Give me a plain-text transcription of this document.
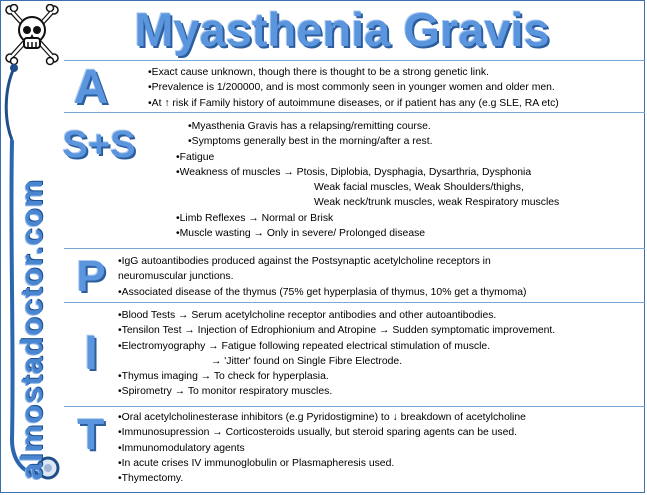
almostadoctor.com
Myasthenia Gravis
A	•Exact cause unknown, though there is thought to be a strong genetic link.
•Prevalence is 1/200000, and is most commonly seen in younger women and older men.
•At ↑ risk if Family history of autoimmune diseases, or if patient has any (e.g SLE, RA etc)
S+S	•Myasthenia Gravis has a relapsing/remitting course.
•Symptoms generally best in the morning/after a rest.
•Fatigue
•Weakness of muscles → Ptosis, Diplobia, Dysphagia, Dysarthria, Dysphonia
Weak facial muscles, Weak Shoulders/thighs,
Weak neck/trunk muscles, weak Respiratory muscles
•Limb Reflexes → Normal or Brisk
•Muscle wasting → Only in severe/ Prolonged disease
P	•IgG autoantibodies produced against the Postsynaptic acetylcholine receptors in
neuromuscular junctions.
•Associated disease of the thymus (75% get hyperplasia of thymus, 10% get a thymoma)
I
•Blood Tests → Serum acetylcholine receptor antibodies and other autoantibodies.
•Tensilon Test → Injection of Edrophionium and Atropine → Sudden symptomatic improvement.
•Electromyography → Fatigue following repeated electrical stimulation of muscle.
→ 'Jitter' found on Single Fibre Electrode.
•Thymus imaging → To check for hyperplasia.
•Spirometry → To monitor respiratory muscles.
T	•Oral acetylcholinesterase inhibitors (e.g Pyridostigmine) to ↓ breakdown of acetylcholine
•Immunosupression → Corticosteroids usually, but steroid sparing agents can be used.
•Immunomodulatory agents
•In acute crises IV immunoglobulin or Plasmapheresis used.
•Thymectomy.
